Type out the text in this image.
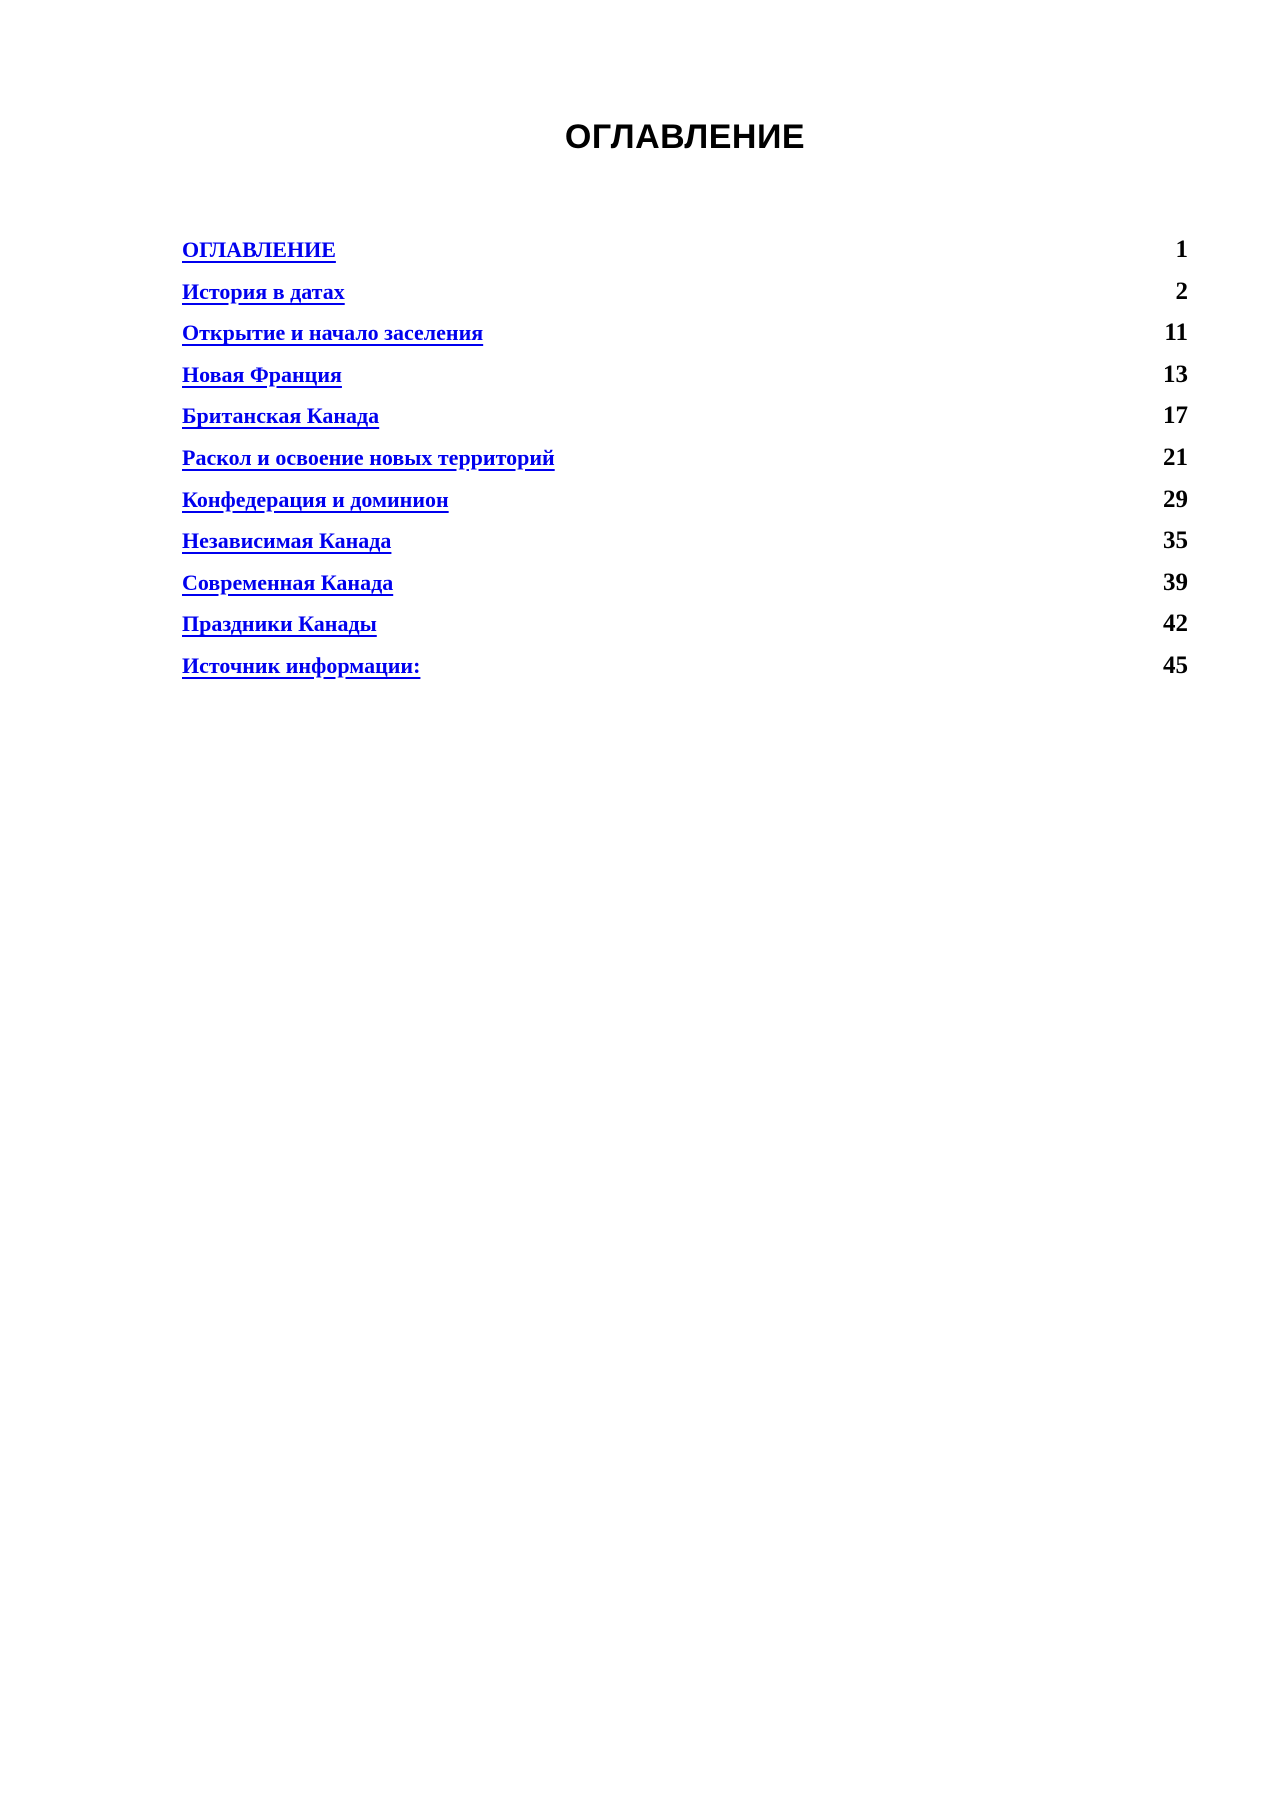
ОГЛАВЛЕНИЕ
ОГЛАВЛЕНИЕ	1
История в датах	2
Открытие и начало заселения	11
Новая Франция	13
Британская Канада	17
Раскол и освоение новых территорий	21
Конфедерация и доминион	29
Независимая Канада	35
Современная Канада	39
Праздники Канады	42
Источник информации:	45
